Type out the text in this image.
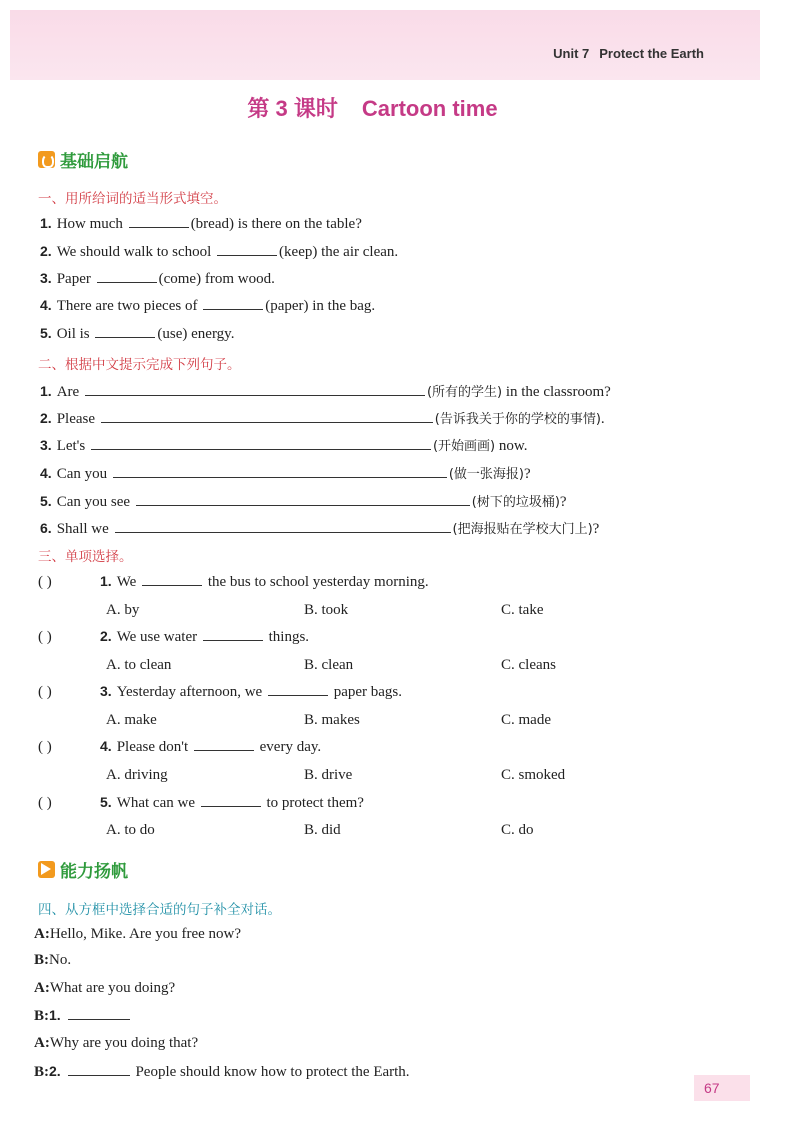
Unit 7 Protect the Earth
第 3 课时 Cartoon time
基础启航
一、用所给词的适当形式填空。
1. How much	(bread) is there on the table?
2. We should walk to school	(keep) the air clean.
3. Paper	(come) from wood.
4. There are two pieces of	(paper) in the bag.
5. Oil is	(use) energy.
二、根据中文提示完成下列句子。
1. Are	(所有的学生) in the classroom?
2. Please	(告诉我关于你的学校的事情).
3. Let's	(开始画画) now.
4. Can you	(做一张海报)?
5. Can you see	(树下的垃圾桶)?
6. Shall we	(把海报贴在学校大门上)?
三、单项选择。
( )	1. We	the bus to school yesterday morning.
A. by	B. took	C. take
( )	2. We use water	things.
A. to clean	B. clean	C. cleans
( )	3. Yesterday afternoon, we	paper bags.
A. make	B. makes	C. made
( )	4. Please don't	every day.
A. driving	B. drive	C. smoked
( )	5. What can we	to protect them?
A. to do	B. did	C. do
能力扬帆
四、从方框中选择合适的句子补全对话。
A:Hello, Mike. Are you free now?
B:No.
A:What are you doing?
B:1.
A:Why are you doing that?
B:2.	People should know how to protect the Earth.
67
